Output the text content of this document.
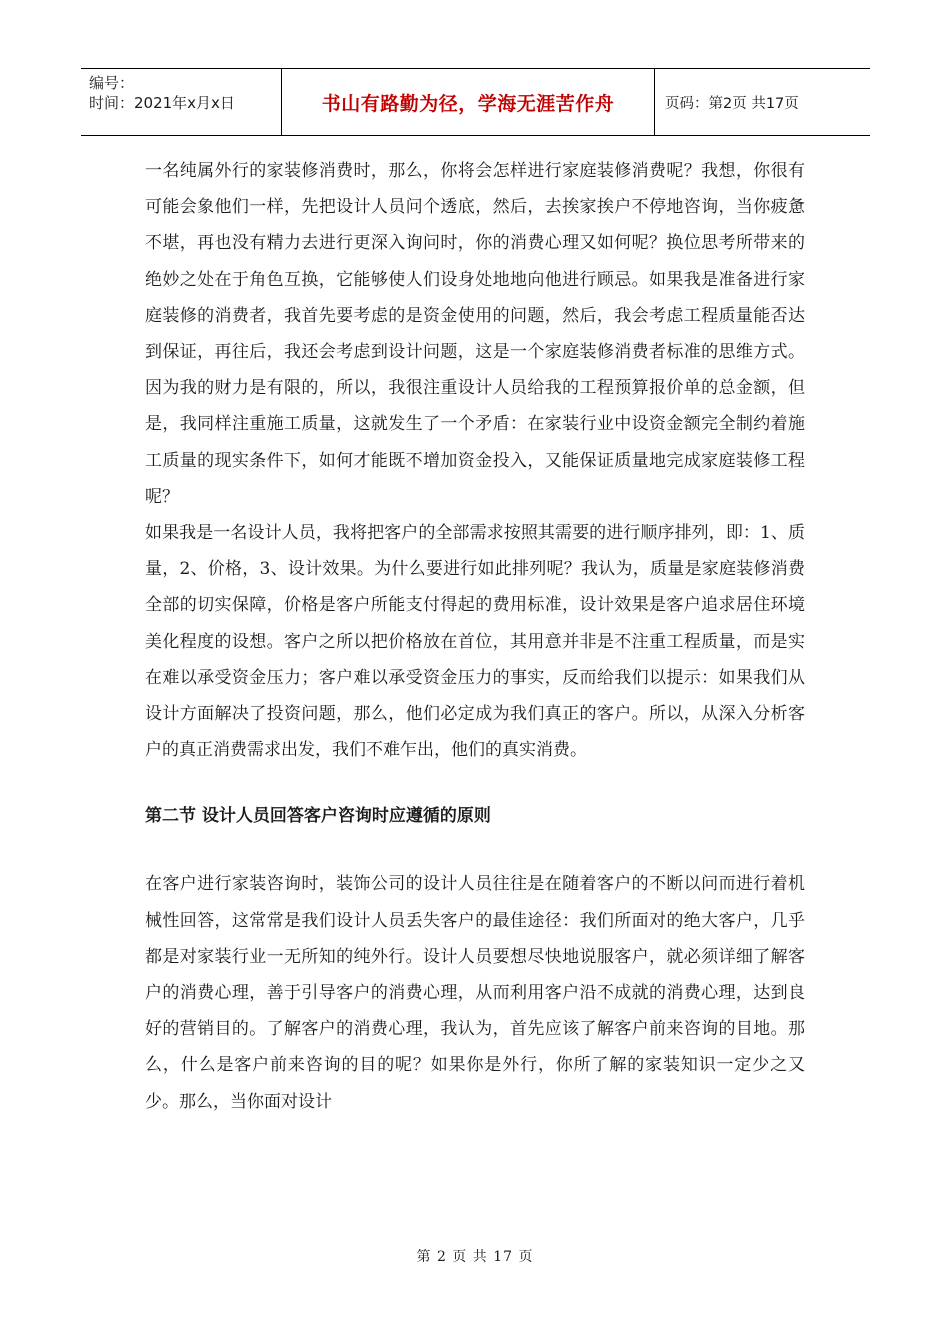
编号：
时间：2021年x月x日	书山有路勤为径，学海无涯苦作舟	页码：第2页 共17页

一名纯属外行的家装修消费时，那么，你将会怎样进行家庭装修消费呢？我想，你很有可能会象他们一样，先把设计人员问个透底，然后，去挨家挨户不停地咨询，当你疲惫不堪，再也没有精力去进行更深入询问时，你的消费心理又如何呢？换位思考所带来的绝妙之处在于角色互换，它能够使人们设身处地地向他进行顾忌。如果我是准备进行家庭装修的消费者，我首先要考虑的是资金使用的问题，然后，我会考虑工程质量能否达到保证，再往后，我还会考虑到设计问题，这是一个家庭装修消费者标准的思维方式。因为我的财力是有限的，所以，我很注重设计人员给我的工程预算报价单的总金额，但是，我同样注重施工质量，这就发生了一个矛盾：在家装行业中设资金额完全制约着施工质量的现实条件下，如何才能既不增加资金投入，又能保证质量地完成家庭装修工程呢？

如果我是一名设计人员，我将把客户的全部需求按照其需要的进行顺序排列，即：1、质量，2、价格，3、设计效果。为什么要进行如此排列呢？我认为，质量是家庭装修消费全部的切实保障，价格是客户所能支付得起的费用标准，设计效果是客户追求居住环境美化程度的设想。客户之所以把价格放在首位，其用意并非是不注重工程质量，而是实在难以承受资金压力；客户难以承受资金压力的事实，反而给我们以提示：如果我们从设计方面解决了投资问题，那么，他们必定成为我们真正的客户。所以，从深入分析客户的真正消费需求出发，我们不难乍出，他们的真实消费。

第二节 设计人员回答客户咨询时应遵循的原则

在客户进行家装咨询时，装饰公司的设计人员往往是在随着客户的不断以问而进行着机械性回答，这常常是我们设计人员丢失客户的最佳途径：我们所面对的绝大客户，几乎都是对家装行业一无所知的纯外行。设计人员要想尽快地说服客户，就必须详细了解客户的消费心理，善于引导客户的消费心理，从而利用客户沿不成就的消费心理，达到良好的营销目的。了解客户的消费心理，我认为，首先应该了解客户前来咨询的目地。那么，什么是客户前来咨询的目的呢？如果你是外行，你所了解的家装知识一定少之又少。那么，当你面对设计

第 2 页 共 17 页
